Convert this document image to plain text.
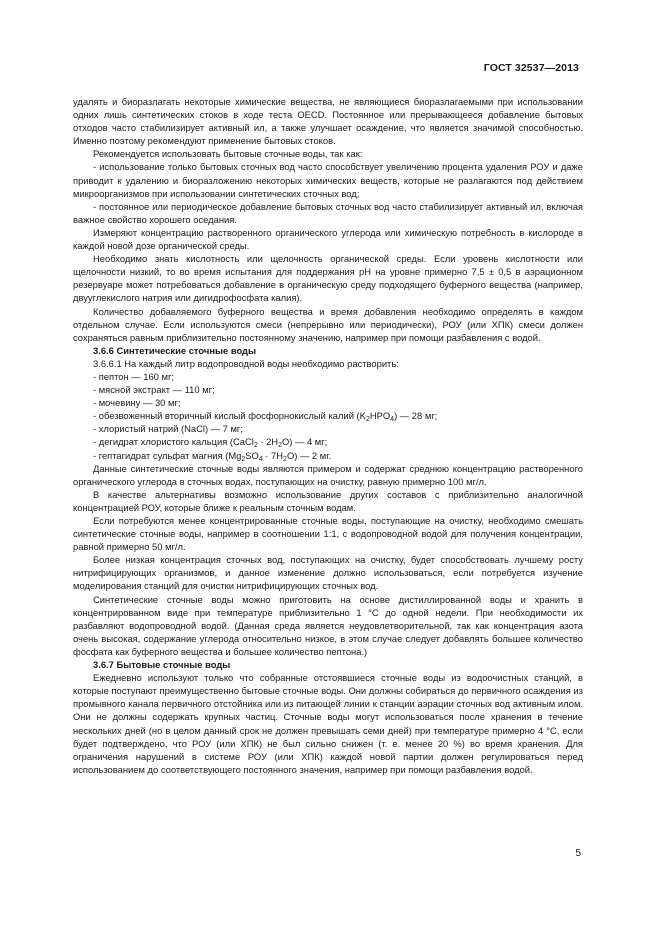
ГОСТ 32537—2013

удалять и биоразлагать некоторые химические вещества, не являющиеся биоразлагаемыми при использовании одних лишь синтетических стоков в ходе теста OECD. Постоянное или прерывающееся добавление бытовых отходов часто стабилизирует активный ил, а также улучшает осаждение, что является значимой способностью. Именно поэтому рекомендуют применение бытовых стоков.

Рекомендуется использовать бытовые сточные воды, так как:

- использование только бытовых сточных вод часто способствует увеличению процента удаления РОУ и даже приводит к удалению и биоразложению некоторых химических веществ, которые не разлагаются под действием микроорганизмов при использовании синтетических сточных вод;

- постоянное или периодическое добавление бытовых сточных вод часто стабилизирует активный ил, включая важное свойство хорошего оседания.

Измеряют концентрацию растворенного органического углерода или химическую потребность в кислороде в каждой новой дозе органической среды.

Необходимо знать кислотность или щелочность органической среды. Если уровень кислотности или щелочности низкий, то во время испытания для поддержания pH на уровне примерно 7,5 ± 0,5 в аэрационном резервуаре может потребоваться добавление в органическую среду подходящего буферного вещества (например, двууглекислого натрия или дигидрофосфата калия).

Количество добавляемого буферного вещества и время добавления необходимо определять в каждом отдельном случае. Если используются смеси (непрерывно или периодически), РОУ (или ХПК) смеси должен сохраняться равным приблизительно постоянному значению, например при помощи разбавления с водой.

3.6.6 Синтетические сточные воды

3.6.6.1 На каждый литр водопроводной воды необходимо растворить:

- пептон — 160 мг;

- мясной экстракт — 110 мг;

- мочевину — 30 мг;

- обезвоженный вторичный кислый фосфорнокислый калий $(K_2HPO_4)$ — 28 мг;

- хлористый натрий (NaCl) — 7 мг;

- дегидрат хлористого кальция (CaCl$_2$ · $2H_2O$) — 4 мг;

- гептагидрат сульфат магния $(Mg_2SO_4 \cdot 7H_2O)$ — 2 мг.

Данные синтетические сточные воды являются примером и содержат среднюю концентрацию растворенного органического углерода в сточных водах, поступающих на очистку, равную примерно 100 мг/л.

В качестве альтернативы возможно использование других составов с приблизительно аналогичной концентрацией РОУ, которые ближе к реальным сточным водам.

Если потребуются менее концентрированные сточные воды, поступающие на очистку, необходимо смешать синтетические сточные воды, например в соотношении 1:1, с водопроводной водой для получения концентрации, равной примерно 50 мг/л.

Более низкая концентрация сточных вод, поступающих на очистку, будет способствовать лучшему росту нитрифицирующих организмов, и данное изменение должно использоваться, если потребуется изучение моделирования станций для очистки нитрифицирующих сточных вод.

Синтетические сточные воды можно приготовить на основе дистиллированной воды и хранить в концентрированном виде при температуре приблизительно 1 °С до одной недели. При необходимости их разбавляют водопроводной водой. (Данная среда является неудовлетворительной, так как концентрация азота очень высокая, содержание углерода относительно низкое, в этом случае следует добавлять большее количество фосфата как буферного вещества и большее количество пептона.)

3.6.7 Бытовые сточные воды

Ежедневно используют только что собранные отстоявшиеся сточные воды из водоочистных станций, в которые поступают преимущественно бытовые сточные воды. Они должны собираться до первичного осаждения из промывного канала первичного отстойника или из питающей линии к станции аэрации сточных вод активным илом. Они не должны содержать крупных частиц. Сточные воды могут использоваться после хранения в течение нескольких дней (но в целом данный срок не должен превышать семи дней) при температуре примерно 4 °С, если будет подтверждено, что РОУ (или ХПК) не был сильно снижен (т. е. менее 20 %) во время хранения. Для ограничения нарушений в системе РОУ (или ХПК) каждой новой партии должен регулироваться перед использованием до соответствующего постоянного значения, например при помощи разбавления водой.

5
